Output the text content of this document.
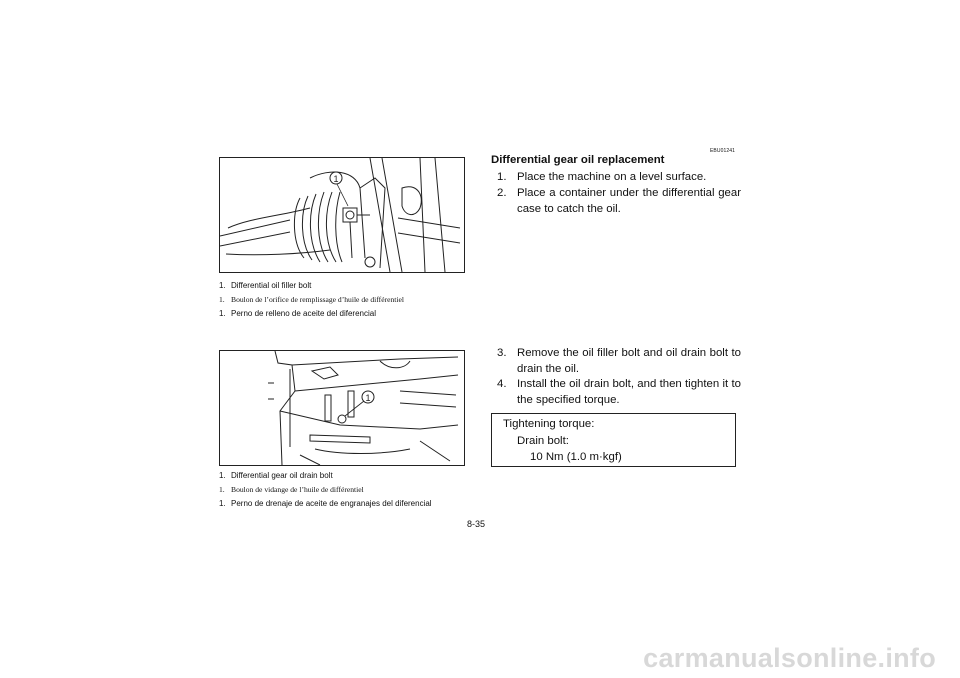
1
1. Differential oil filler bolt
1. Boulon de l’orifice de remplissage d’huile de différentiel
1. Perno de relleno de aceite del diferencial
1
1. Differential gear oil drain bolt
1. Boulon de vidange de l’huile de différentiel
1. Perno de drenaje de aceite de engranajes del diferencial
EBU01241
Differential gear oil replacement
1. Place the machine on a level surface.
2. Place a container under the differential gear case to catch the oil.
3. Remove the oil filler bolt and oil drain bolt to drain the oil.
4. Install the oil drain bolt, and then tighten it to the specified torque.
Tightening torque:
Drain bolt:
10 Nm (1.0 m·kgf)
8-35
carmanualsonline.info
